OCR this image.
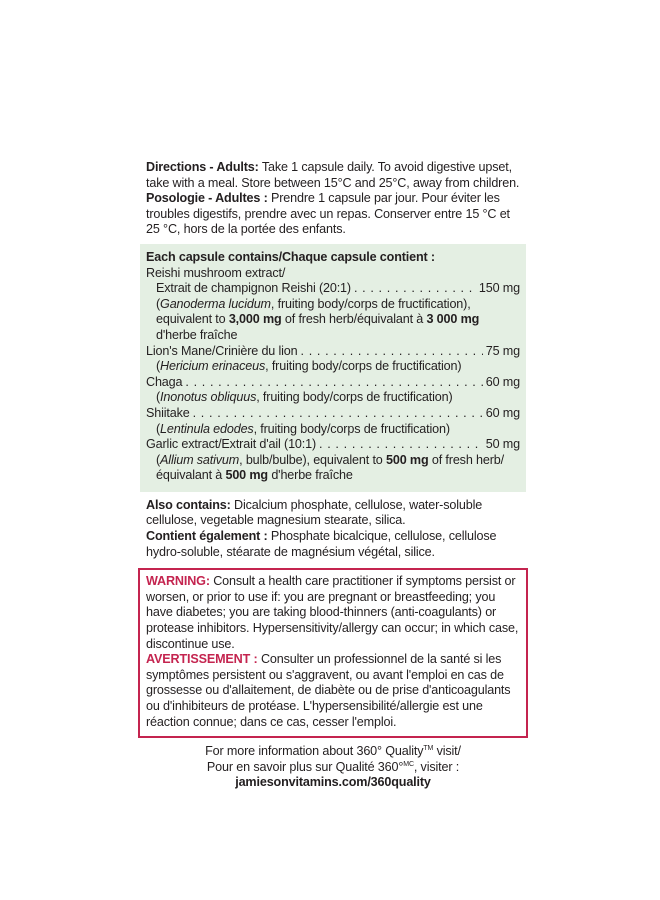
Directions - Adults: Take 1 capsule daily. To avoid digestive upset, take with a meal. Store between 15°C and 25°C, away from children.

Posologie - Adultes : Prendre 1 capsule par jour. Pour éviter les troubles digestifs, prendre avec un repas. Conserver entre 15 °C et 25 °C, hors de la portée des enfants.

Each capsule contains/Chaque capsule contient :
Reishi mushroom extract/
Extrait de champignon Reishi (20:1) . . .	150 mg
(Ganoderma lucidum, fruiting body/corps de fructification), equivalent to 3,000 mg of fresh herb/équivalant à 3 000 mg d'herbe fraîche
Lion's Mane/Crinière du lion . . .	75 mg
(Hericium erinaceus, fruiting body/corps de fructification)
Chaga . . .	60 mg
(Inonotus obliquus, fruiting body/corps de fructification)
Shiitake . . .	60 mg
(Lentinula edodes, fruiting body/corps de fructification)
Garlic extract/Extrait d'ail (10:1) . . .	50 mg
(Allium sativum, bulb/bulbe), equivalent to 500 mg of fresh herb/
équivalant à 500 mg d'herbe fraîche

Also contains: Dicalcium phosphate, cellulose, water-soluble cellulose, vegetable magnesium stearate, silica.

Contient également : Phosphate bicalcique, cellulose, cellulose hydro-soluble, stéarate de magnésium végétal, silice.

WARNING: Consult a health care practitioner if symptoms persist or worsen, or prior to use if: you are pregnant or breastfeeding; you have diabetes; you are taking blood-thinners (anti-coagulants) or protease inhibitors. Hypersensitivity/allergy can occur; in which case, discontinue use.

AVERTISSEMENT : Consulter un professionnel de la santé si les symptômes persistent ou s'aggravent, ou avant l'emploi en cas de grossesse ou d'allaitement, de diabète ou de prise d'anticoagulants ou d'inhibiteurs de protéase. L'hypersensibilité/allergie est une réaction connue; dans ce cas, cesser l'emploi.

For more information about 360° Quality™ visit/
Pour en savoir plus sur Qualité 360°$^{MC}$, visiter :
jamiesonvitamins.com/360quality
